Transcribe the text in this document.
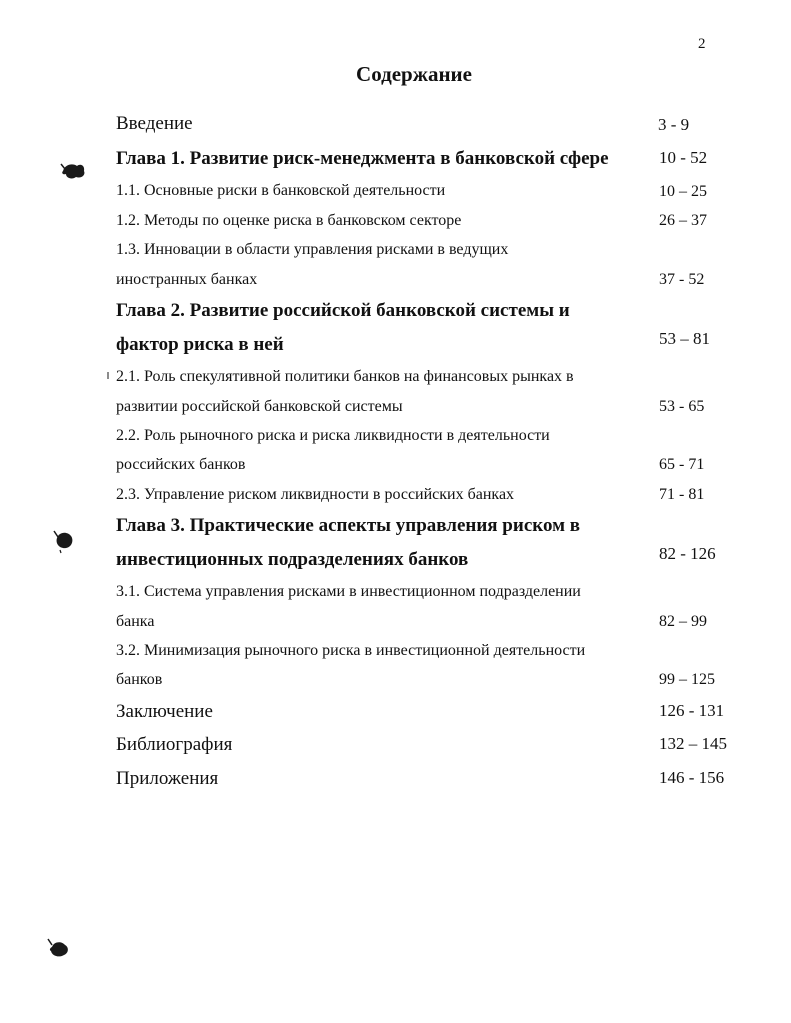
2
Содержание
Введение	3 - 9
Глава 1. Развитие риск-менеджмента в банковской сфере	10 - 52
1.1. Основные риски в банковской деятельности	10 – 25
1.2. Методы по оценке риска в банковском секторе	26 – 37
1.3. Инновации в области управления рисками в ведущих
иностранных банках	37 - 52
Глава 2. Развитие российской банковской системы и
фактор риска в ней	53 – 81
2.1. Роль спекулятивной политики банков на финансовых рынках в
развитии российской банковской системы	53 - 65
2.2. Роль рыночного риска и риска ликвидности в деятельности
российских банков	65 - 71
2.3. Управление риском ликвидности в российских банках	71 - 81
Глава 3. Практические аспекты управления риском в
инвестиционных подразделениях банков	82 - 126
3.1. Система управления рисками в инвестиционном подразделении
банка	82 – 99
3.2. Минимизация рыночного риска в инвестиционной деятельности
банков	99 – 125
Заключение	126 - 131
Библиография	132 – 145
Приложения	146 - 156
